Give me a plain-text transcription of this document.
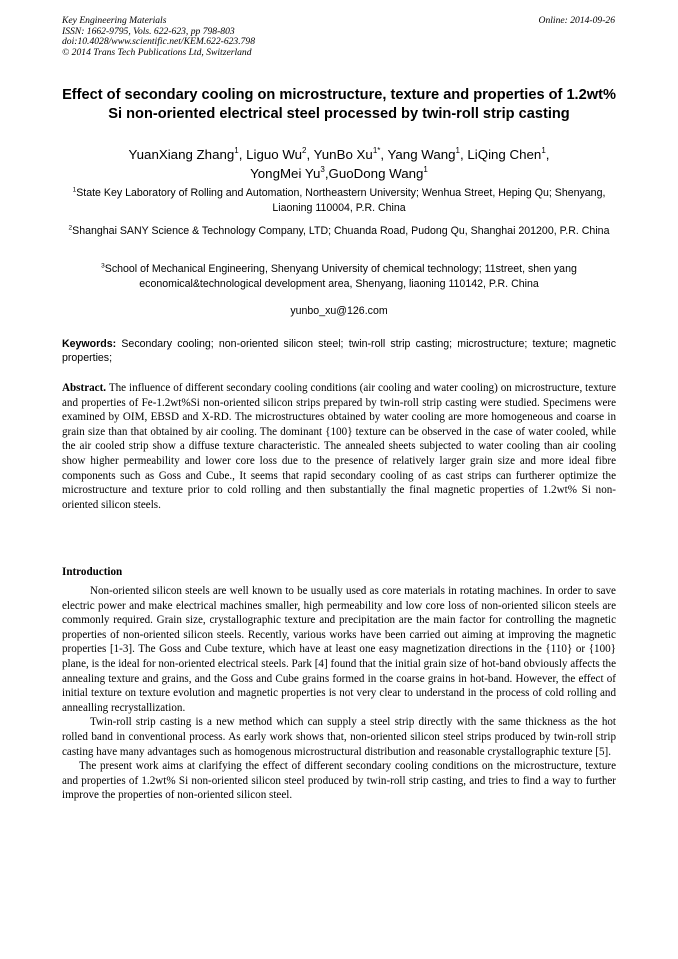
Key Engineering Materials
ISSN: 1662-9795, Vols. 622-623, pp 798-803
doi:10.4028/www.scientific.net/KEM.622-623.798
© 2014 Trans Tech Publications Ltd, Switzerland
Online: 2014-09-26
Effect of secondary cooling on microstructure, texture and properties of 1.2wt% Si non-oriented electrical steel processed by twin-roll strip casting
YuanXiang Zhang$^1$, Liguo Wu$^2$, YunBo $Xu^{1*}$, Yang Wang$^1$, LiQing Chen$^1$,
YongMei Yu$^3$,GuoDong Wang$^1$
$^1$State Key Laboratory of Rolling and Automation, Northeastern University; Wenhua Street, Heping Qu; Shenyang, Liaoning 110004, P.R. China
$^2$Shanghai SANY Science & Technology Company, LTD; Chuanda Road, Pudong Qu, Shanghai 201200, P.R. China
$^3$School of Mechanical Engineering, Shenyang University of chemical technology; 11street, shen yang economical&technological development area, Shenyang, liaoning 110142, P.R. China
yunbo_xu@126.com
Keywords: Secondary cooling; non-oriented silicon steel; twin-roll strip casting; microstructure; texture; magnetic properties;
Abstract. The influence of different secondary cooling conditions (air cooling and water cooling) on microstructure, texture and properties of Fe-1.2wt%Si non-oriented silicon strips prepared by twin-roll strip casting were studied. Specimens were examined by OIM, EBSD and X-RD. The microstructures obtained by water cooling are more homogeneous and coarse in grain size than that obtained by air cooling. The dominant {100} texture can be observed in the case of water cooled, while the air cooled strip show a diffuse texture characteristic. The annealed sheets subjected to water cooling than air cooling show higher permeability and lower core loss due to the presence of relatively larger grain size and more ideal fibre components such as Goss and Cube., It seems that rapid secondary cooling of as cast strips can furtherer optimize the microstructure and texture prior to cold rolling and then substantially the final magnetic properties of 1.2wt% Si non-oriented silicon steels.
Introduction

Non-oriented silicon steels are well known to be usually used as core materials in rotating machines. In order to save electric power and make electrical machines smaller, high permeability and low core loss of non-oriented silicon steels are commonly required. Grain size, crystallographic texture and precipitation are the main factor for controlling the magnetic properties of non-oriented silicon steels. Recently, various works have been carried out aiming at improving the magnetic properties [1-3]. The Goss and Cube texture, which have at least one easy magnetization directions in the {110} or {100} plane, is the ideal for non-oriented electrical steels. Park [4] found that the initial grain size of hot-band obviously affects the annealing texture and grains, and the Goss and Cube grains formed in the coarse grains in hot-band. However, the effect of initial texture on texture evolution and magnetic properties is not very clear to understand in the process of cold rolling and annealling recrystallization.

Twin-roll strip casting is a new method which can supply a steel strip directly with the same thickness as the hot rolled band in conventional process. As early work shows that, non-oriented silicon steel strips produced by twin-roll strip casting have many advantages such as homogenous microstructural distribution and reasonable crystallographic texture [5].

The present work aims at clarifying the effect of different secondary cooling conditions on the microstructure, texture and properties of 1.2wt% Si non-oriented silicon steel produced by twin-roll strip casting, and tries to find a way to further improve the properties of non-oriented silicon steel.
